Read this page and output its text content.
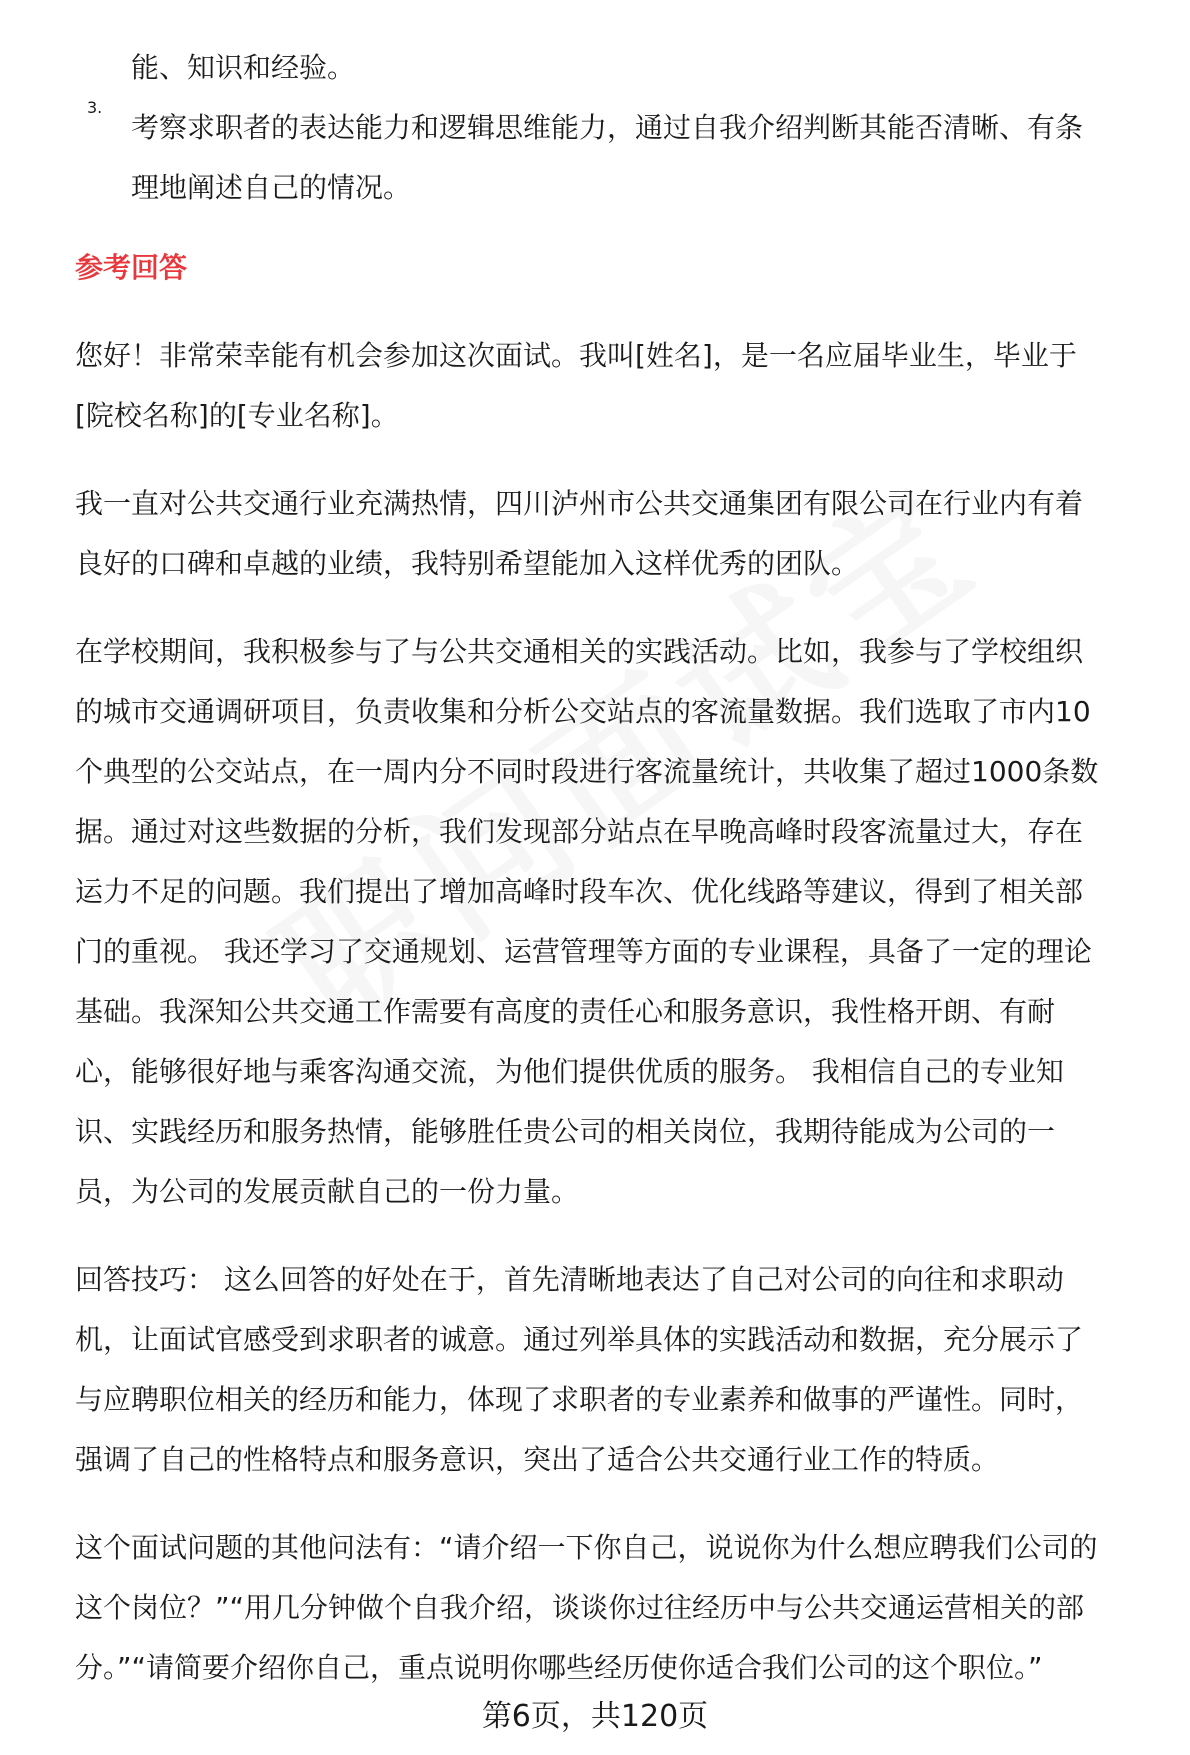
能、知识和经验。

3.

考察求职者的表达能力和逻辑思维能力，通过自我介绍判断其能否清晰、有条

理地阐述自己的情况。

参考回答

您好！非常荣幸能有机会参加这次面试。我叫[姓名]，是一名应届毕业生，毕业于

[院校名称]的[专业名称]。

我一直对公共交通行业充满热情，四川泸州市公共交通集团有限公司在行业内有着

良好的口碑和卓越的业绩，我特别希望能加入这样优秀的团队。

在学校期间，我积极参与了与公共交通相关的实践活动。比如，我参与了学校组织

的城市交通调研项目，负责收集和分析公交站点的客流量数据。我们选取了市内10

个典型的公交站点，在一周内分不同时段进行客流量统计，共收集了超过1000条数

据。通过对这些数据的分析，我们发现部分站点在早晚高峰时段客流量过大，存在

运力不足的问题。我们提出了增加高峰时段车次、优化线路等建议，得到了相关部

门的重视。 我还学习了交通规划、运营管理等方面的专业课程，具备了一定的理论

基础。我深知公共交通工作需要有高度的责任心和服务意识，我性格开朗、有耐

心，能够很好地与乘客沟通交流，为他们提供优质的服务。 我相信自己的专业知

识、实践经历和服务热情，能够胜任贵公司的相关岗位，我期待能成为公司的一

员，为公司的发展贡献自己的一份力量。

回答技巧： 这么回答的好处在于，首先清晰地表达了自己对公司的向往和求职动

机，让面试官感受到求职者的诚意。通过列举具体的实践活动和数据，充分展示了

与应聘职位相关的经历和能力，体现了求职者的专业素养和做事的严谨性。同时，

强调了自己的性格特点和服务意识，突出了适合公共交通行业工作的特质。

这个面试问题的其他问法有：“请介绍一下你自己，说说你为什么想应聘我们公司的

这个岗位？”“用几分钟做个自我介绍，谈谈你过往经历中与公共交通运营相关的部

分。”“请简要介绍你自己，重点说明你哪些经历使你适合我们公司的这个职位。”

第6页，共120页
